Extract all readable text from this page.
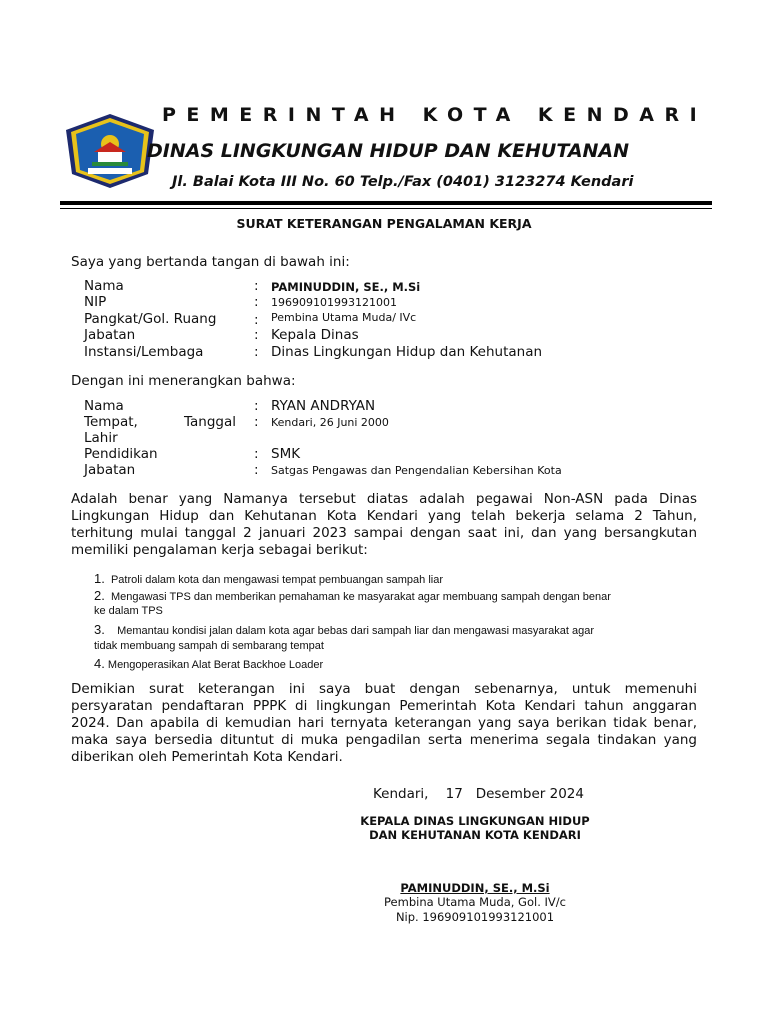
PEMERINTAH KOTA KENDARI
DINAS LINGKUNGAN HIDUP DAN KEHUTANAN
Jl. Balai Kota III No. 60 Telp./Fax (0401) 3123274 Kendari
SURAT KETERANGAN PENGALAMAN KERJA
Saya yang bertanda tangan di bawah ini:
Nama	: PAMINUDDIN, SE., M.Si
NIP	: 196909101993121001
Pangkat/Gol. Ruang	: Pembina Utama Muda/ IVc
Jabatan	: Kepala Dinas
Instansi/Lembaga	: Dinas Lingkungan Hidup dan Kehutanan
Dengan ini menerangkan bahwa:
Nama	: RYAN ANDRYAN
Tempat,	Tanggal : Kendari, 26 Juni 2000
Lahir
Pendidikan	: SMK
Jabatan	: Satgas Pengawas dan Pengendalian Kebersihan Kota
Adalah benar yang Namanya tersebut diatas adalah pegawai Non-ASN pada Dinas
Lingkungan Hidup dan Kehutanan Kota Kendari yang telah bekerja selama 2 Tahun,
terhitung mulai tanggal 2 januari 2023 sampai dengan saat ini, dan yang bersangkutan
memiliki pengalaman kerja sebagai berikut:
1. Patroli dalam kota dan mengawasi tempat pembuangan sampah liar
2. Mengawasi TPS dan memberikan pemahaman ke masyarakat agar membuang sampah dengan benar
ke dalam TPS
3. Memantau kondisi jalan dalam kota agar bebas dari sampah liar dan mengawasi masyarakat agar
tidak membuang sampah di sembarang tempat
4. Mengoperasikan Alat Berat Backhoe Loader
Demikian surat keterangan ini saya buat dengan sebenarnya, untuk memenuhi
persyaratan pendaftaran PPPK di lingkungan Pemerintah Kota Kendari tahun anggaran
2024. Dan apabila di kemudian hari ternyata keterangan yang saya berikan tidak benar,
maka saya bersedia dituntut di muka pengadilan serta menerima segala tindakan yang
diberikan oleh Pemerintah Kota Kendari.
Kendari,    17   Desember 2024
KEPALA DINAS LINGKUNGAN HIDUP
DAN KEHUTANAN KOTA KENDARI
PAMINUDDIN, SE., M.Si
Pembina Utama Muda, Gol. IV/c
Nip. 196909101993121001
